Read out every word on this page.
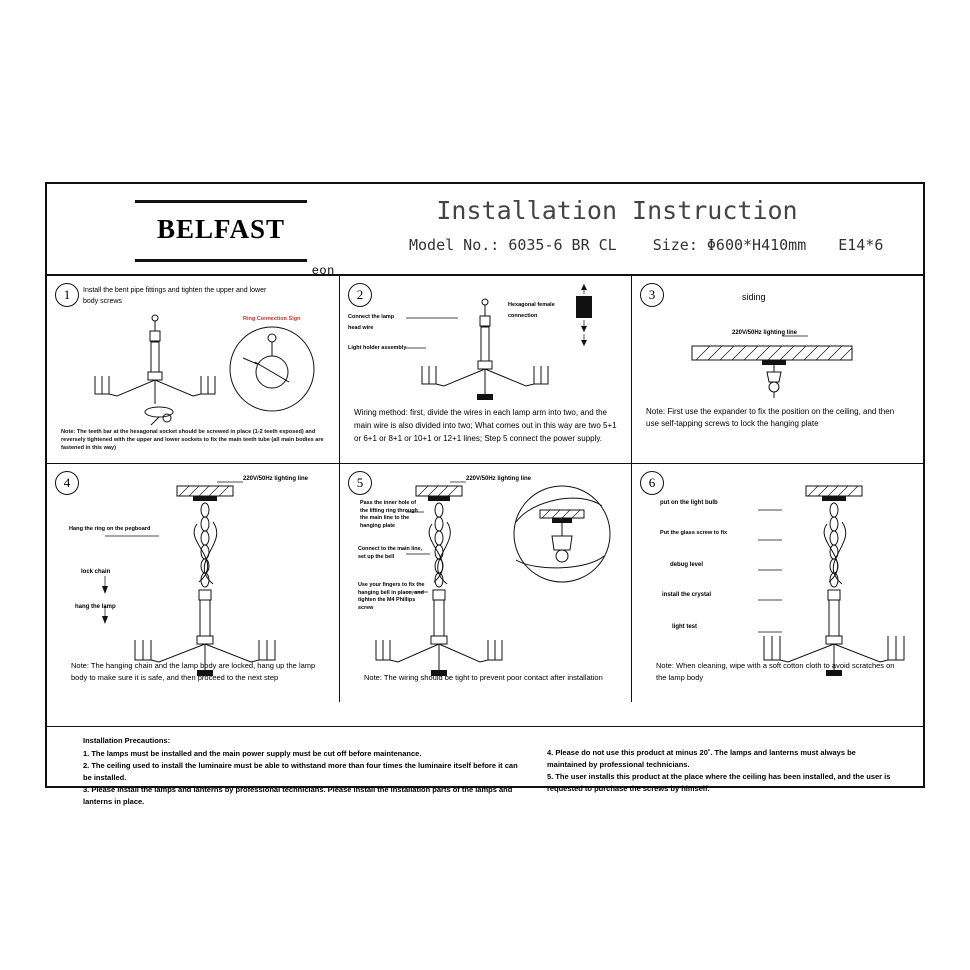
BELFAST
eon
Installation Instruction
Model No.: 6035-6 BR CL Size: Φ600*H410mm E14*6
1	Install the bent pipe fittings and tighten the upper and lower body screws
Ring Connection Sign
Note: The teeth bar at the hexagonal socket should be screwed in place (1-2 teeth exposed) and reversely tightened with the upper and lower sockets to fix the main teeth tube (all main bodies are fastened in this way)
2
Connect the lamp head wire
Light holder assembly
Hexagonal female connection
Wiring method: first, divide the wires in each lamp arm into two, and the main wire is also divided into two; What comes out in this way are two 5+1 or 6+1 or 8+1 or 10+1 or 12+1 lines; Step 5 connect the power supply.
3	siding
220V/50Hz lighting line
Note: First use the expander to fix the position on the ceiling, and then use self-tapping screws to lock the hanging plate
4	220V/50Hz lighting line
Hang the ring on the pegboard
lock chain
hang the lamp
Note: The hanging chain and the lamp body are locked, hang up the lamp body to make sure it is safe, and then proceed to the next step
5	220V/50Hz lighting line
Pass the inner hole of the lifting ring through the main line to the hanging plate
Connect to the main line, set up the bell
Use your fingers to fix the hanging bell in place, and tighten the M4 Phillips screw
Note: The wiring should be tight to prevent poor contact after installation
6
put on the light bulb
Put the glass screw to fix
debug level
install the crystal
light test
Note: When cleaning, wipe with a soft cotton cloth to avoid scratches on the lamp body
Installation Precautions:
1. The lamps must be installed and the main power supply must be cut off before maintenance.
2. The ceiling used to install the luminaire must be able to withstand more than four times the luminaire itself before it can be installed.
3. Please install the lamps and lanterns by professional technicians. Please install the installation parts of the lamps and lanterns in place.
4. Please do not use this product at minus 20˚. The lamps and lanterns must always be maintained by professional technicians.
5. The user installs this product at the place where the ceiling has been installed, and the user is requested to purchase the screws by himself.
